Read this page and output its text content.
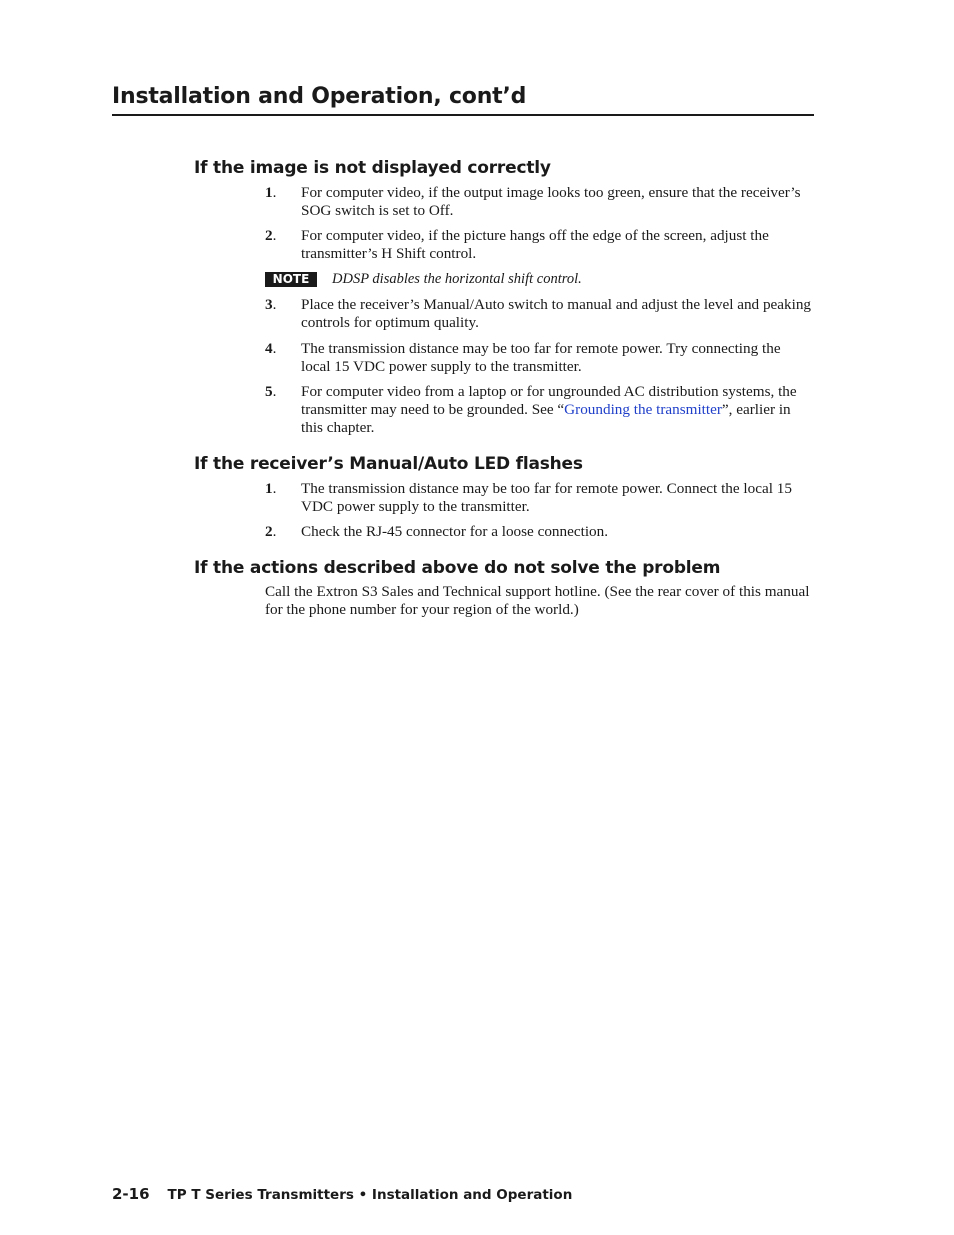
Installation and Operation, cont’d
If the image is not displayed correctly
1.	For computer video, if the output image looks too green, ensure that the receiver’s SOG switch is set to Off.
2.	For computer video, if the picture hangs off the edge of the screen, adjust the transmitter’s H Shift control.
NOTE	DDSP disables the horizontal shift control.
3.	Place the receiver’s Manual/Auto switch to manual and adjust the level and peaking controls for optimum quality.
4.	The transmission distance may be too far for remote power. Try connecting the local 15 VDC power supply to the transmitter.
5.	For computer video from a laptop or for ungrounded AC distribution systems, the transmitter may need to be grounded. See “Grounding the transmitter”, earlier in this chapter.
If the receiver’s Manual/Auto LED flashes
1.	The transmission distance may be too far for remote power. Connect the local 15 VDC power supply to the transmitter.
2.	Check the RJ-45 connector for a loose connection.
If the actions described above do not solve the problem

Call the Extron S3 Sales and Technical support hotline. (See the rear cover of this manual for the phone number for your region of the world.)

2-16 TP T Series Transmitters • Installation and Operation
